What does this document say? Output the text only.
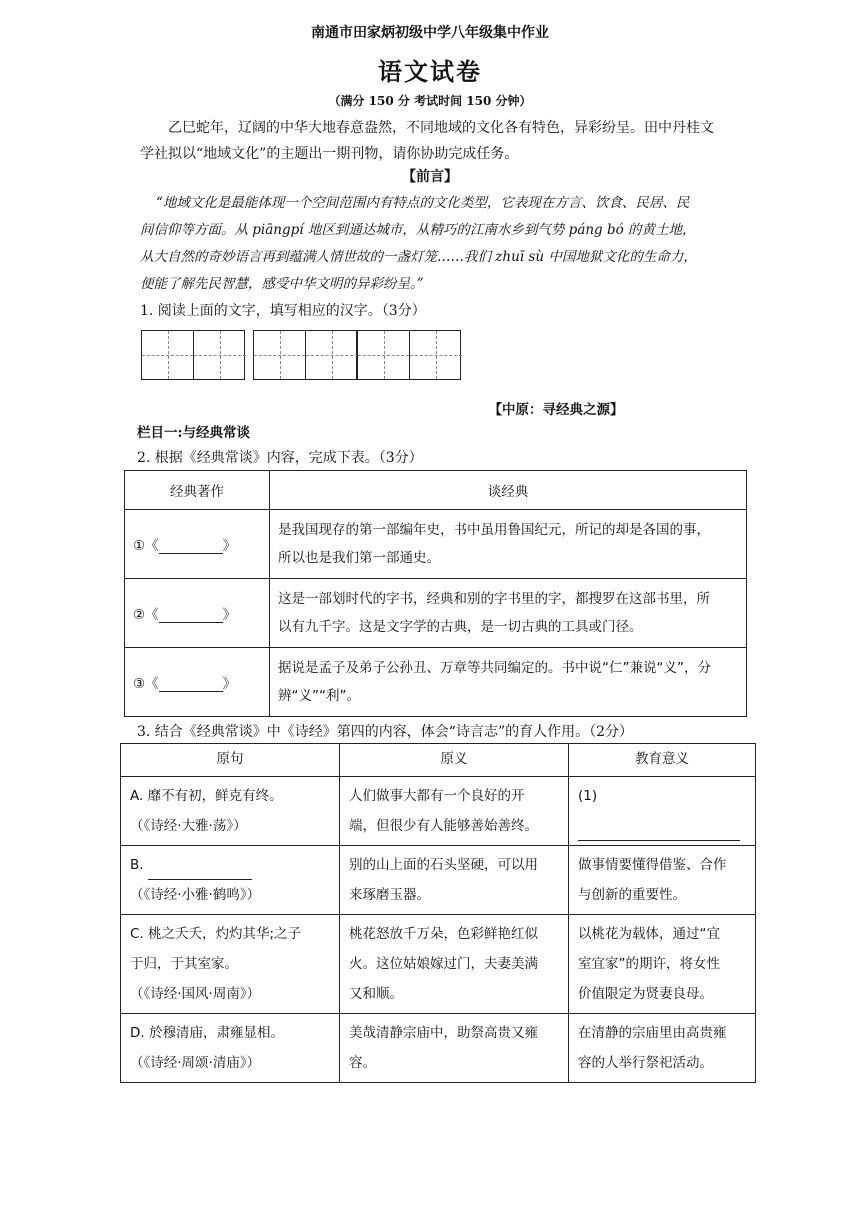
南通市田家炳初级中学八年级集中作业
语文试卷
（满分 150 分 考试时间 150 分钟）

乙巳蛇年，辽阔的中华大地春意盎然，不同地域的文化各有特色，异彩纷呈。田中丹桂文

学社拟以“地域文化”的主题出一期刊物，请你协助完成任务。
【前言】

“地域文化是最能体现一个空间范围内有特点的文化类型，它表现在方言、饮食、民居、民

间信仰等方面。从 piāngpí 地区到通达城市，从精巧的江南水乡到气势 páng bó 的黄土地，
从大自然的奇妙语言再到蕴满人情世故的一盏灯笼……我们 zhuī sù 中国地狱文化的生命力，
便能了解先民智慧，感受中华文明的异彩纷呈。”
1. 阅读上面的文字，填写相应的汉字。（3分）
【中原：寻经典之源】
栏目一:与经典常谈
2. 根据《经典常谈》内容，完成下表。（3分）
经典著作	谈经典
①《 》	是我国现存的第一部编年史，书中虽用鲁国纪元，所记的却是各国的事，
所以也是我们第一部通史。

②《 》	这是一部划时代的字书，经典和别的字书里的字，都搜罗在这部书里，所
以有九千字。这是文字学的古典，是一切古典的工具或门径。

③《 》	据说是孟子及弟子公孙丑、万章等共同编定的。书中说“仁”兼说“义”，分
辨“义”“利”。
3. 结合《经典常谈》中《诗经》第四的内容，体会“诗言志”的育人作用。（2分）
原句	原义	教育意义

A. 靡不有初，鲜克有终。
（《诗经·大雅·荡》）	人们做事大都有一个良好的开
端，但很少有人能够善始善终。	(1)

B.
（《诗经·小雅·鹤鸣》）	别的山上面的石头坚硬，可以用
来琢磨玉器。	做事情要懂得借鉴、合作
与创新的重要性。

C. 桃之夭夭，灼灼其华;之子
于归，于其室家。
（《诗经·国风·周南》）	桃花怒放千万朵，色彩鲜艳红似
火。这位姑娘嫁过门，夫妻美满
又和顺。	以桃花为载体，通过“宜
室宜家”的期许，将女性
价值限定为贤妻良母。

D. 於穆清庙，肃雍显相。
（《诗经·周颂·清庙》）	美哉清静宗庙中，助祭高贵又雍
容。	在清静的宗庙里由高贵雍
容的人举行祭祀活动。
